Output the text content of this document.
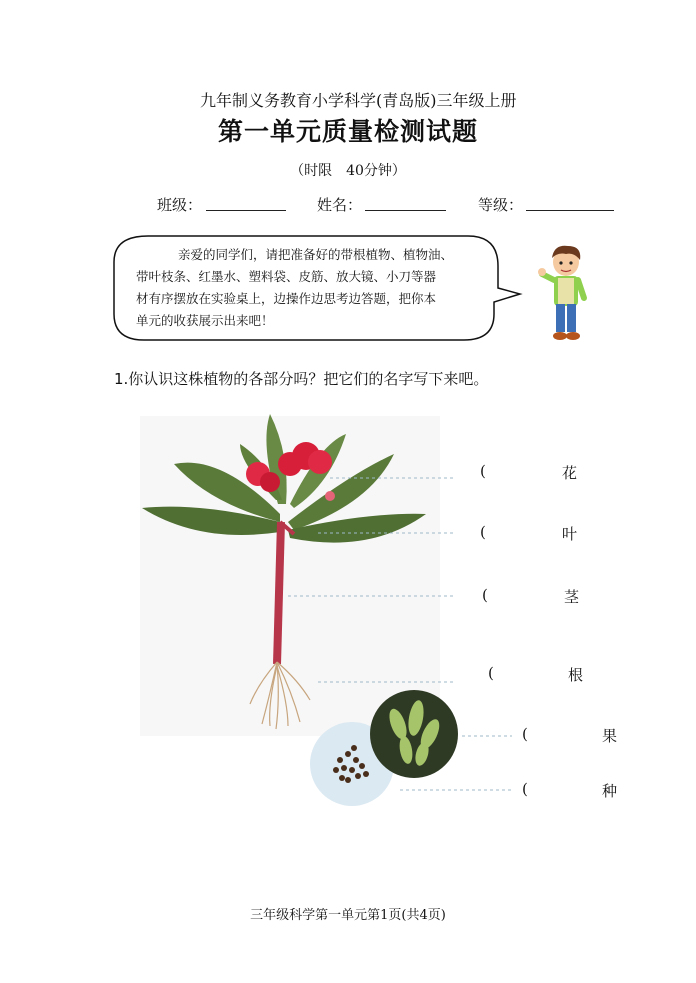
九年制义务教育小学科学(青岛版)三年级上册
第一单元质量检测试题
（时限　40分钟）
班级：	姓名：	等级：
亲爱的同学们，请把准备好的带根植物、植物油、
带叶枝条、红墨水、塑料袋、皮筋、放大镜、小刀等器
材有序摆放在实验桌上，边操作边思考边答题，把你本
单元的收获展示出来吧！
1.你认识这株植物的各部分吗？把它们的名字写下来吧。
(	花
(	叶
(	茎
(	根
(	果
(	种
三年级科学第一单元第1页(共4页)
